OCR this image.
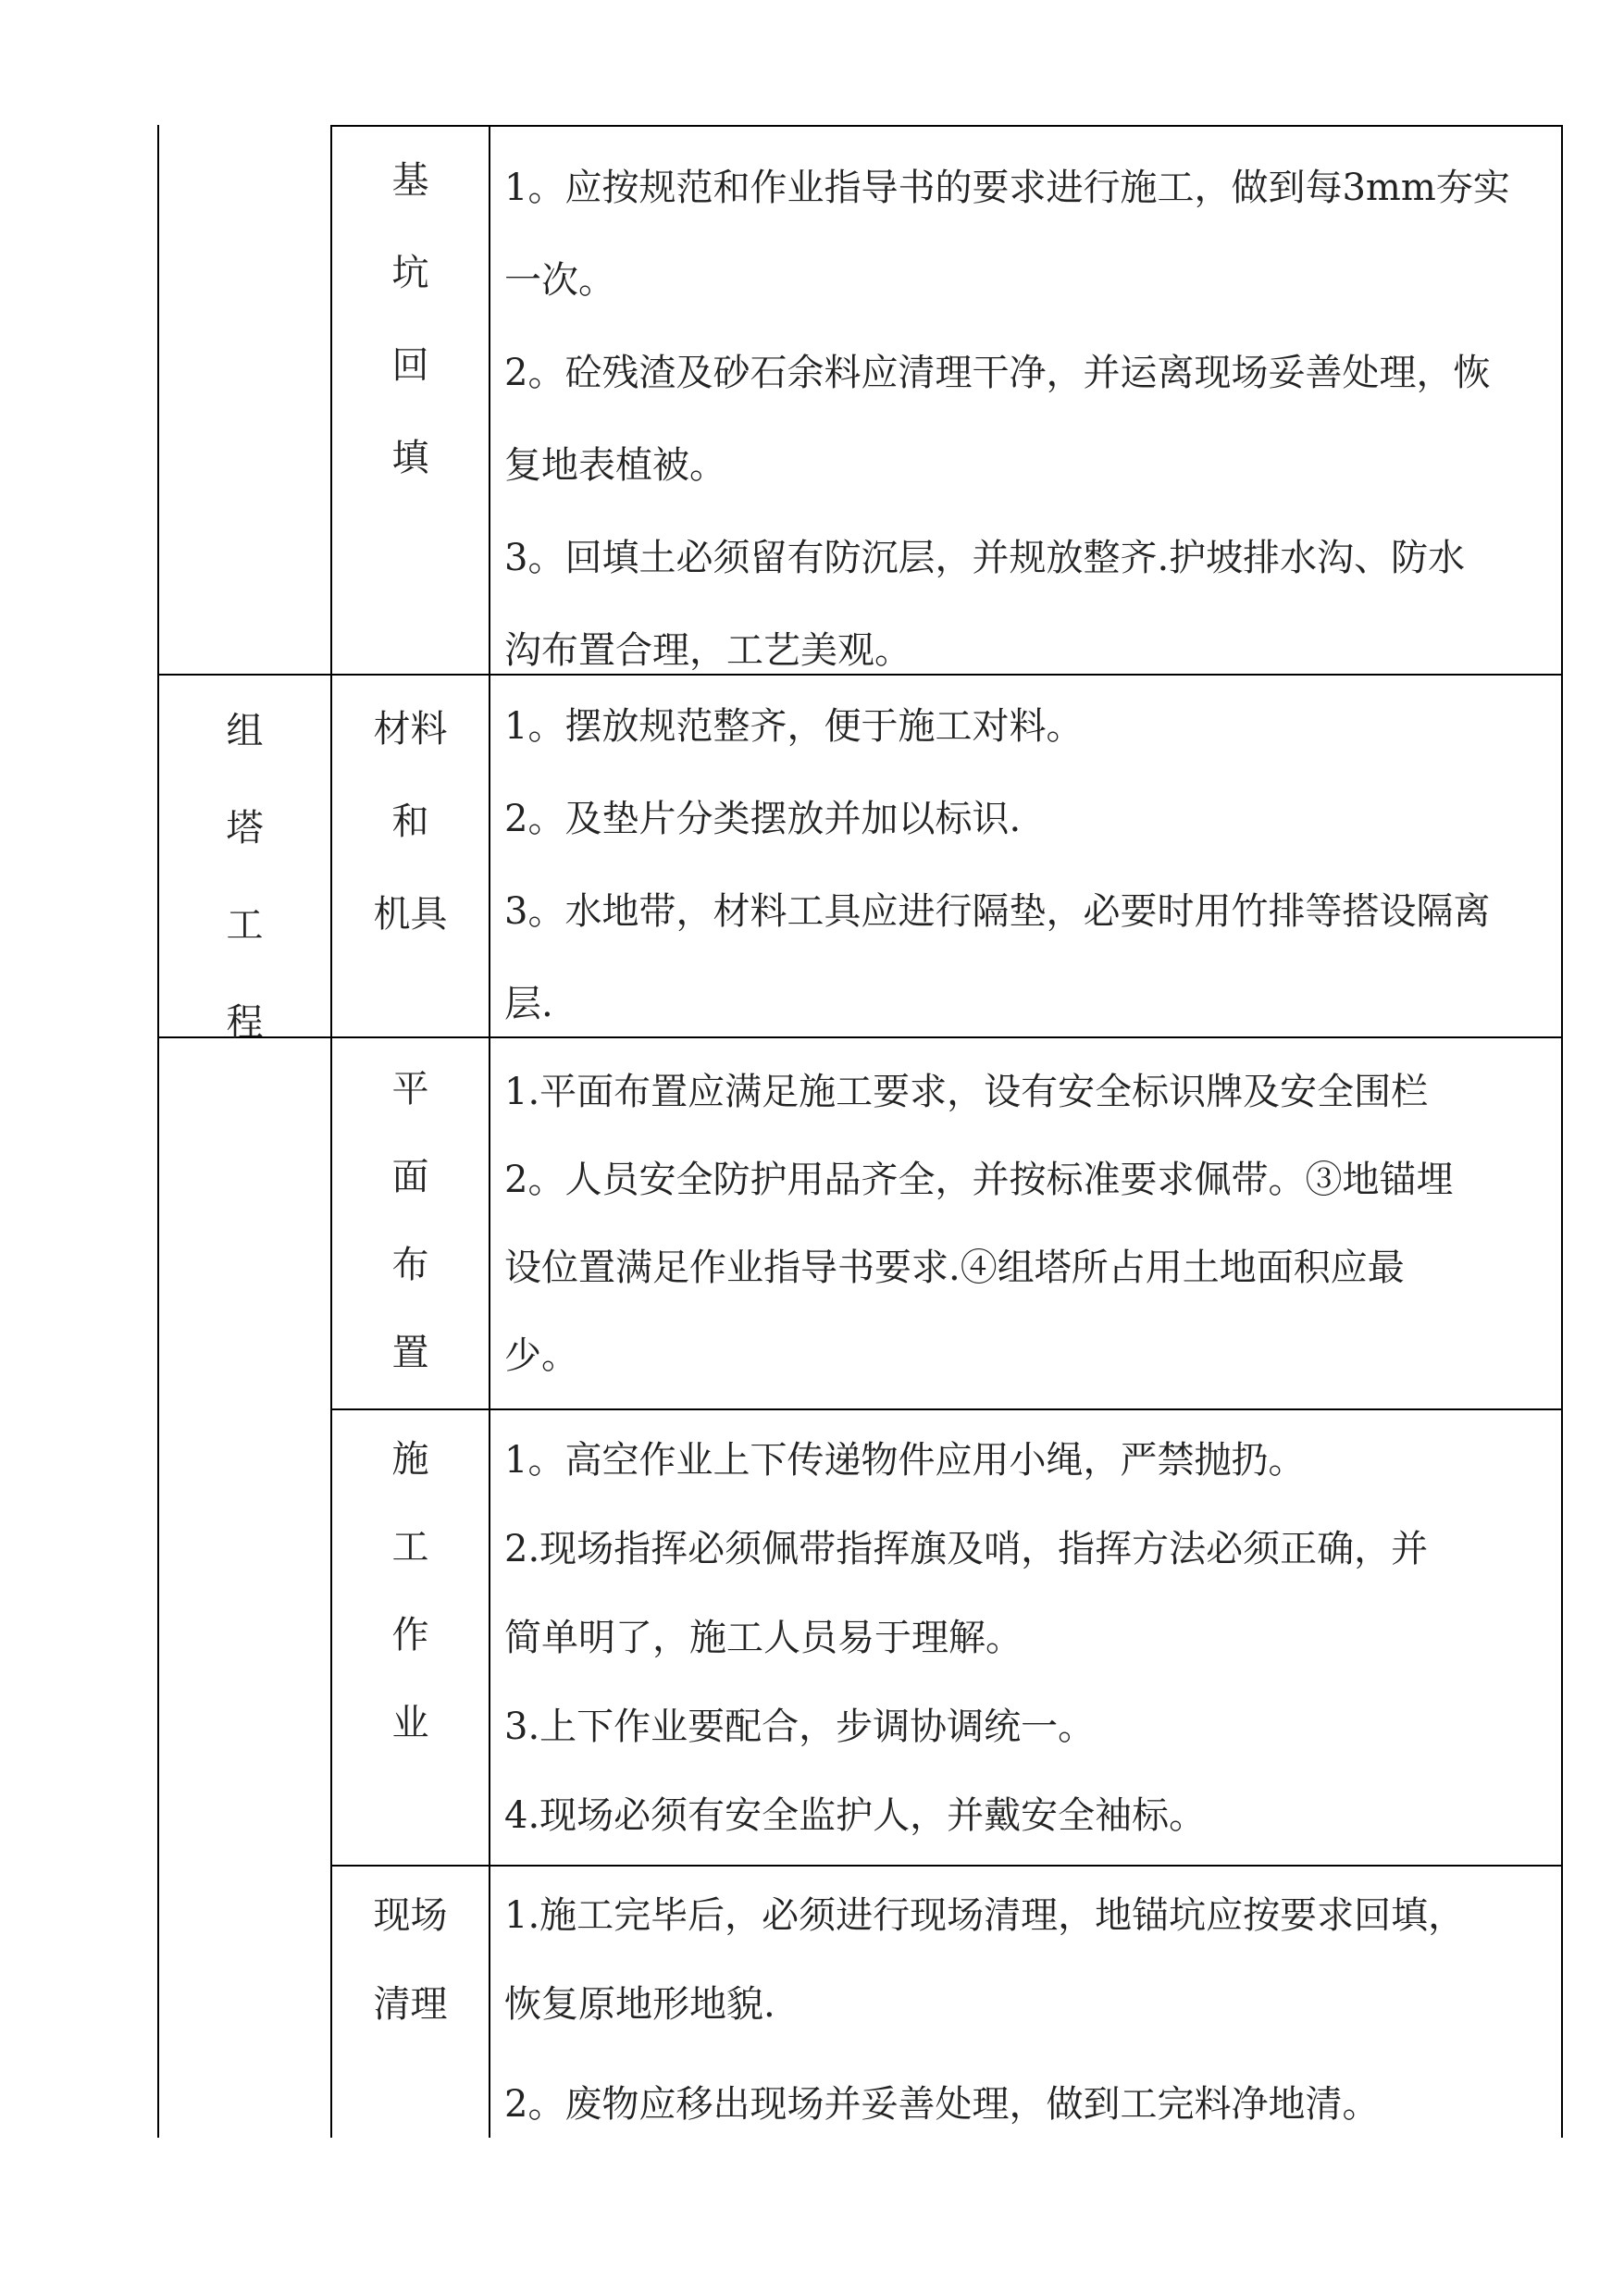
基
坑
回
填

1。应按规范和作业指导书的要求进行施工，做到每3mm夯实

一次。

2。砼残渣及砂石余料应清理干净，并运离现场妥善处理，恢

复地表植被。

3。回填土必须留有防沉层，并规放整齐.护坡排水沟、防水

沟布置合理，工艺美观。

组
塔
工
程
材料
和
机具

1。摆放规范整齐，便于施工对料。

2。及垫片分类摆放并加以标识.

3。水地带，材料工具应进行隔垫，必要时用竹排等搭设隔离

层.

平
面
布
置

1.平面布置应满足施工要求，设有安全标识牌及安全围栏

2。人员安全防护用品齐全，并按标准要求佩带。③地锚埋

设位置满足作业指导书要求.④组塔所占用土地面积应最

少。

施
工
作
业

1。高空作业上下传递物件应用小绳，严禁抛扔。

2.现场指挥必须佩带指挥旗及哨，指挥方法必须正确，并

简单明了，施工人员易于理解。

3.上下作业要配合，步调协调统一。

4.现场必须有安全监护人，并戴安全袖标。

现场
清理

1.施工完毕后，必须进行现场清理，地锚坑应按要求回填，

恢复原地形地貌.

2。废物应移出现场并妥善处理，做到工完料净地清。
